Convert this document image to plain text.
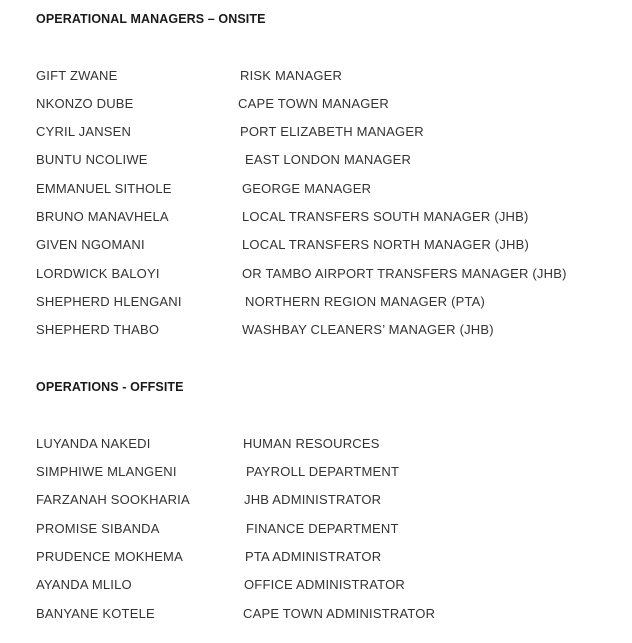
OPERATIONAL MANAGERS – ONSITE
GIFT ZWANE	RISK MANAGER
NKONZO DUBE	CAPE TOWN MANAGER
CYRIL JANSEN	PORT ELIZABETH MANAGER
BUNTU NCOLIWE	EAST LONDON MANAGER
EMMANUEL SITHOLE	GEORGE MANAGER
BRUNO MANAVHELA	LOCAL TRANSFERS SOUTH MANAGER (JHB)
GIVEN NGOMANI	LOCAL TRANSFERS NORTH MANAGER (JHB)
LORDWICK BALOYI	OR TAMBO AIRPORT TRANSFERS MANAGER (JHB)
SHEPHERD HLENGANI	NORTHERN REGION MANAGER (PTA)
SHEPHERD THABO	WASHBAY CLEANERS’ MANAGER (JHB)
OPERATIONS - OFFSITE
LUYANDA NAKEDI	HUMAN RESOURCES
SIMPHIWE MLANGENI	PAYROLL DEPARTMENT
FARZANAH SOOKHARIA	JHB ADMINISTRATOR
PROMISE SIBANDA	FINANCE DEPARTMENT
PRUDENCE MOKHEMA	PTA ADMINISTRATOR
AYANDA MLILO	OFFICE ADMINISTRATOR
BANYANE KOTELE	CAPE TOWN ADMINISTRATOR
